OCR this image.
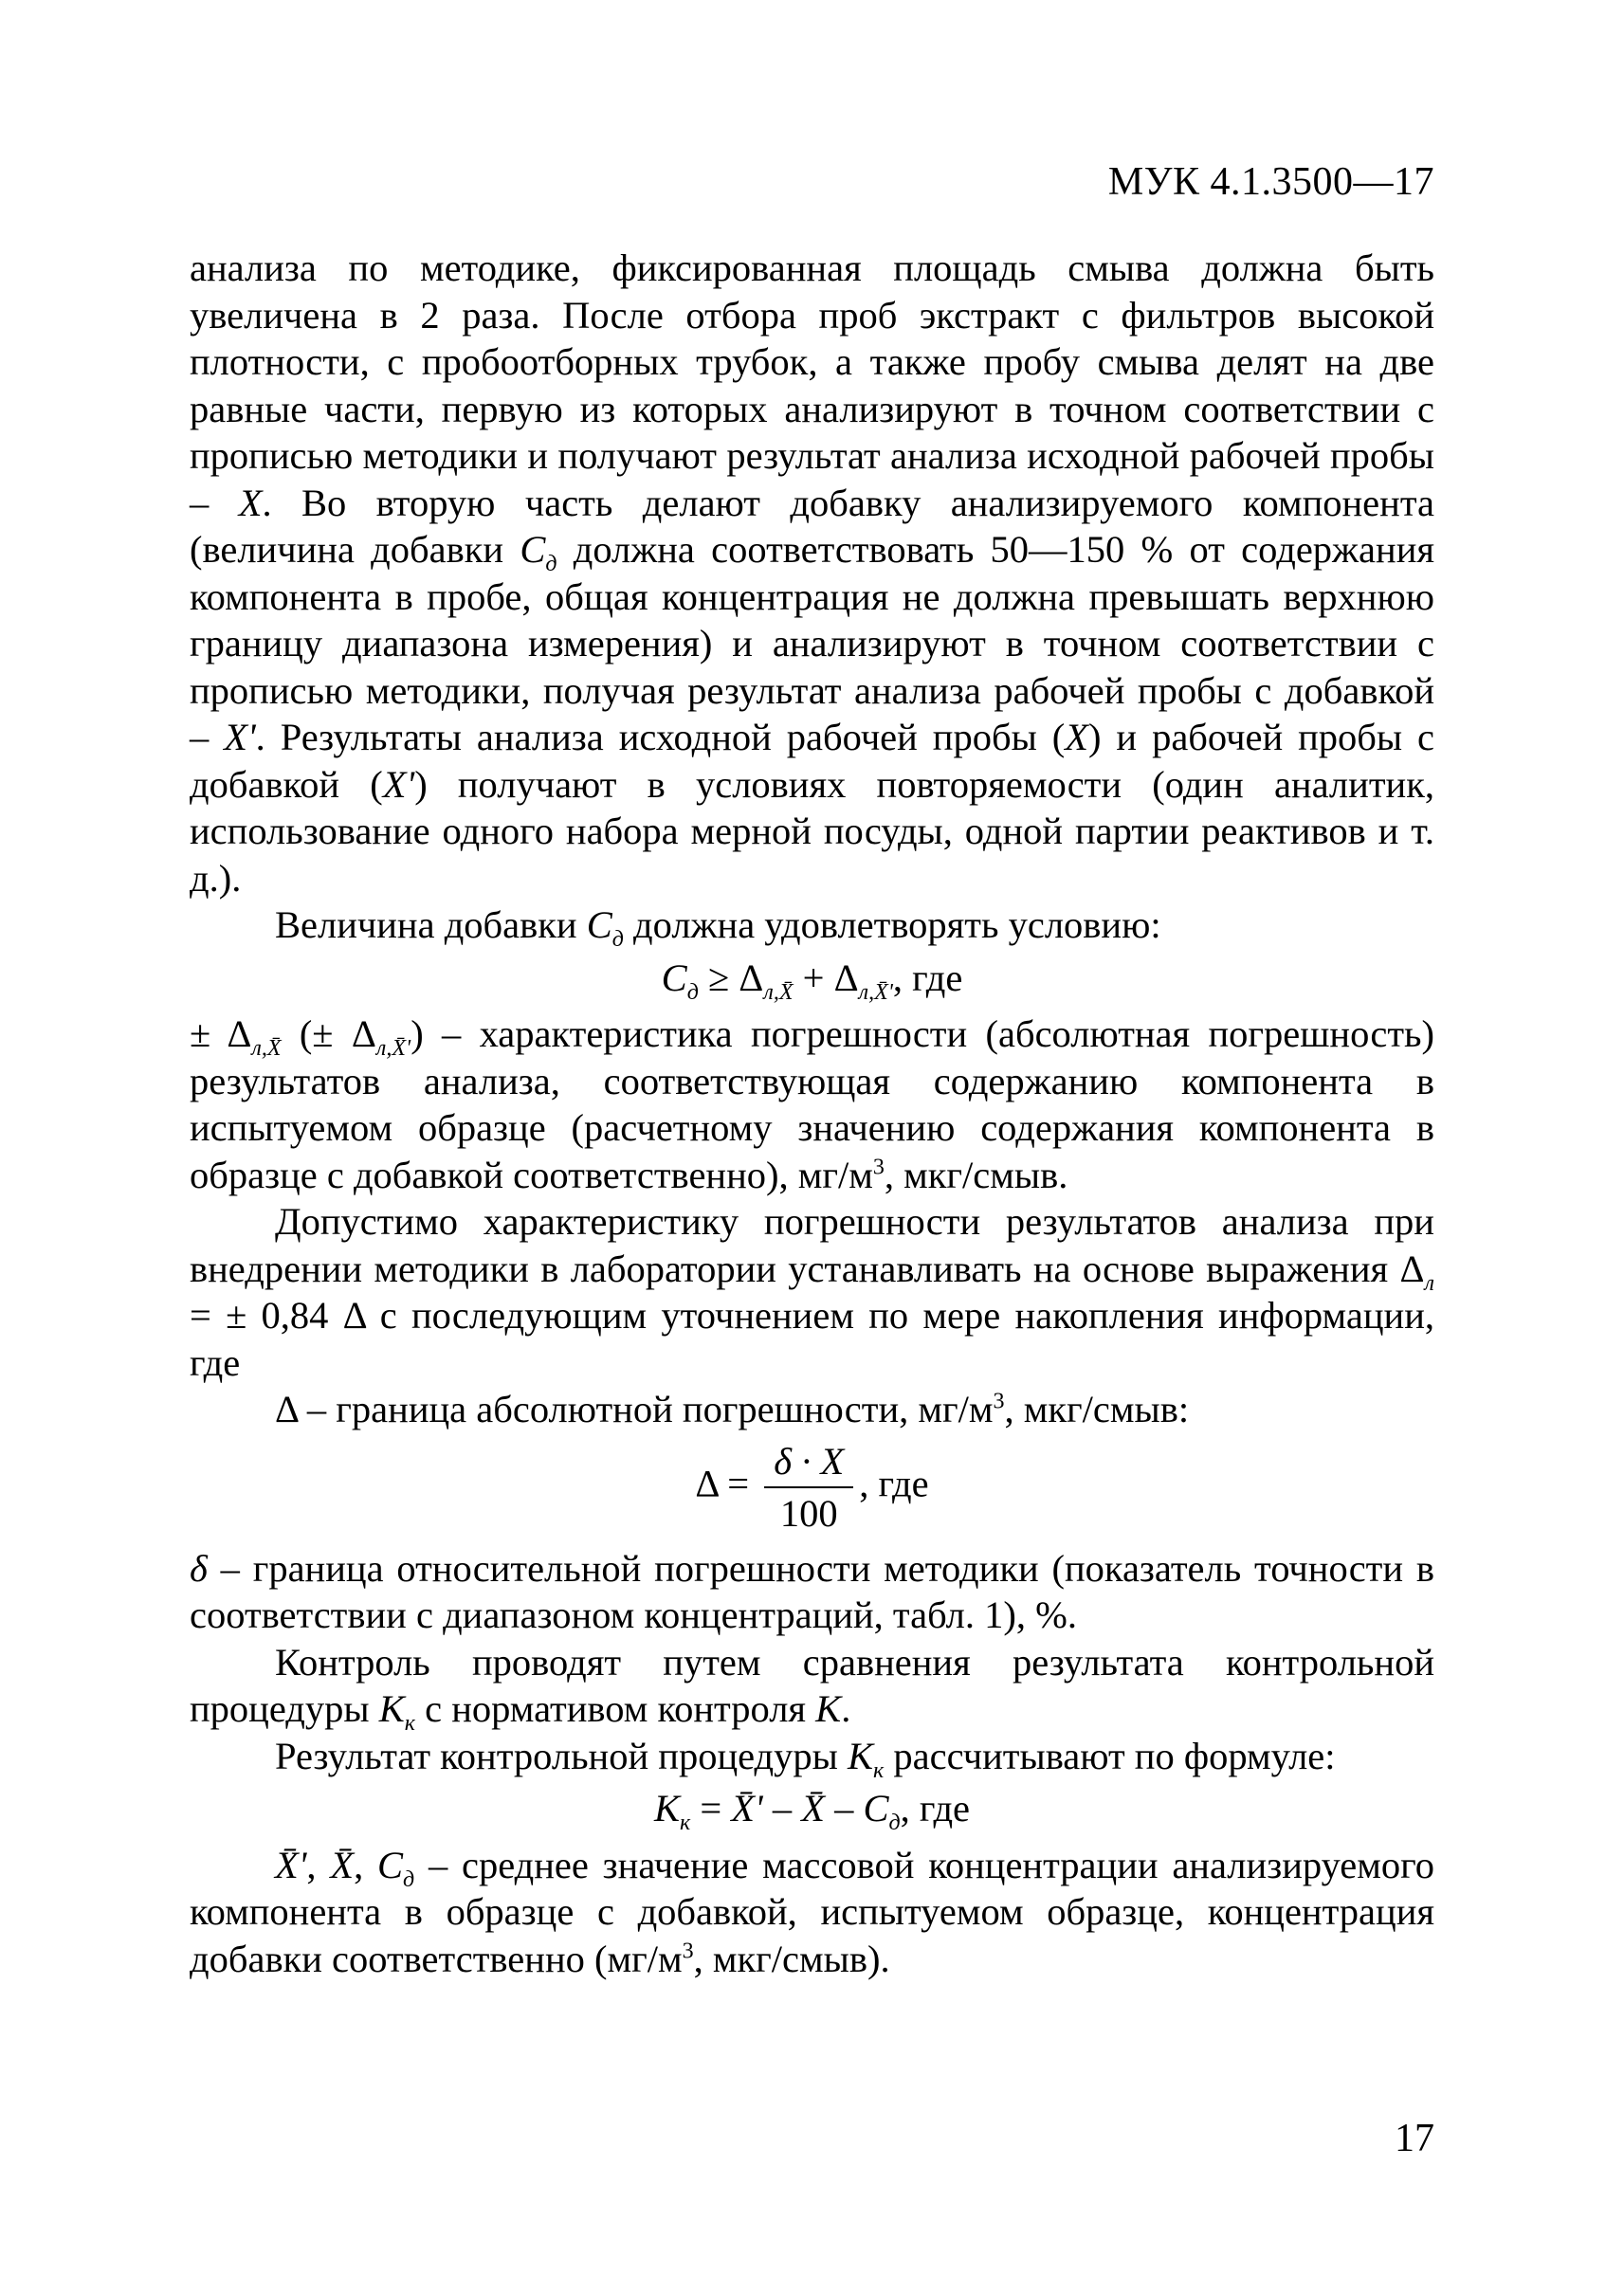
МУК 4.1.3500—17

анализа по методике, фиксированная площадь смыва должна быть увеличена в 2 раза. После отбора проб экстракт с фильтров высокой плотности, с пробоотборных трубок, а также пробу смыва делят на две равные части, первую из которых анализируют в точном соответствии с прописью методики и получают результат анализа исходной рабочей пробы – X. Во вторую часть делают добавку анализируемого компонента (величина добавки $C_д$ должна соответствовать 50—150 % от содержания компонента в пробе, общая концентрация не должна превышать верхнюю границу диапазона измерения) и анализируют в точном соответствии с прописью методики, получая результат анализа рабочей пробы с добавкой – X'. Результаты анализа исходной рабочей пробы (X) и рабочей пробы с добавкой (X') получают в условиях повторяемости (один аналитик, использование одного набора мерной посуды, одной партии реактивов и т. д.).

Величина добавки $C_д$ должна удовлетворять условию:

$C_д \ge \Delta_{л,X̄} + \Delta_{л,X̄'}$, где

± $\Delta_{л,X̄}$ (± $\Delta_{л,X̄'}$) – характеристика погрешности (абсолютная погрешность) результатов анализа, соответствующая содержанию компонента в испытуемом образце (расчетному значению содержания компонента в образце с добавкой соответственно), $мг/м^3$, мкг/смыв.

Допустимо характеристику погрешности результатов анализа при внедрении методики в лаборатории устанавливать на основе выражения $\Delta_л$ = ± 0,84 Δ с последующим уточнением по мере накопления информации, где

Δ – граница абсолютной погрешности, $мг/м^3$, мкг/смыв:

$\Delta = \frac{\delta \cdot X}{100}$ , где

δ – граница относительной погрешности методики (показатель точности в соответствии с диапазоном концентраций, табл. 1), %.

Контроль проводят путем сравнения результата контрольной процедуры $K_к$ с нормативом контроля K.

Результат контрольной процедуры $K_к$ рассчитывают по формуле:

$K_к$ = X̄' – X̄ – $C_д$, где

X̄', X̄, $C_д$ – среднее значение массовой концентрации анализируемого компонента в образце с добавкой, испытуемом образце, концентрация добавки соответственно ($мг/м^3$, мкг/смыв).

17
